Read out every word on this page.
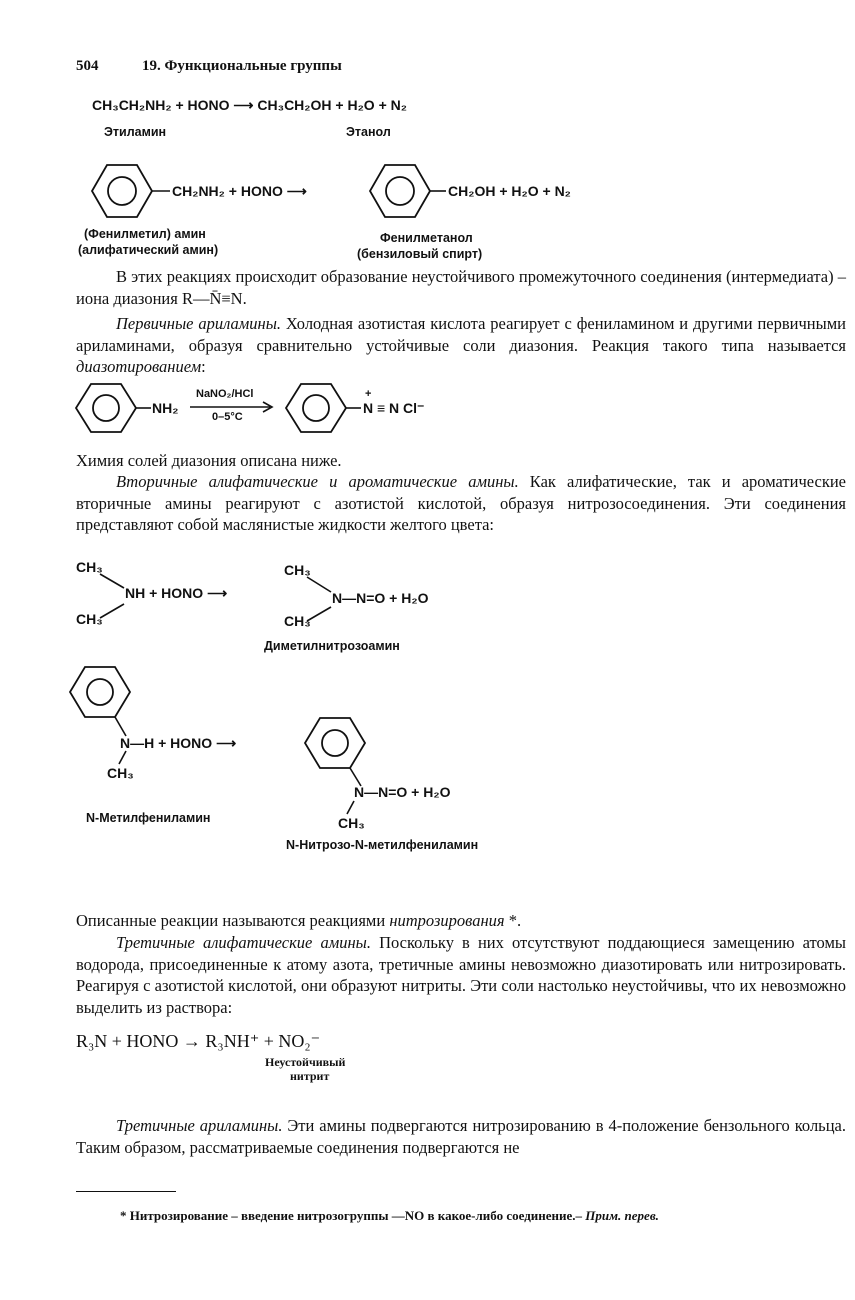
504	19. Функциональные группы
CH₃CH₂NH₂ + HONO ⟶ CH₃CH₂OH + H₂O + N₂
Этиламин	Этанол
CH₂NH₂ + HONO ⟶	CH₂OH + H₂O + N₂
(Фенилметил) амин
(алифатический амин)
Фенилметанол
(бензиловый спирт)
В этих реакциях происходит образование неустойчивого промежуточного соединения (интермедиата) – иона диазония R—N̄≡N.
Первичные ариламины. Холодная азотистая кислота реагирует с фениламином и другими первичными ариламинами, образуя сравнительно устойчивые соли диазония. Реакция такого типа называется диазотированием:
NH₂
NaNO₂/HCl
0–5°C
+
N ≡ N Cl⁻
Химия солей диазония описана ниже.
Вторичные алифатические и ароматические амины. Как алифатические, так и ароматические вторичные амины реагируют с азотистой кислотой, образуя нитрозосоединения. Эти соединения представляют собой маслянистые жидкости желтого цвета:
CH₃
CH₃
NH + HONO ⟶
CH₃
CH₃
N—N=O + H₂O
Диметилнитрозоамин
N—H + HONO ⟶
CH₃
N—N=O + H₂O
CH₃
N-Метилфениламин
N-Нитрозо-N-метилфениламин
Описанные реакции называются реакциями нитрозирования *.
Третичные алифатические амины. Поскольку в них отсутствуют поддающиеся замещению атомы водорода, присоединенные к атому азота, третичные амины невозможно диазотировать или нитрозировать. Реагируя с азотистой кислотой, они образуют нитриты. Эти соли настолько неустойчивы, что их невозможно выделить из раствора:
R₃N + HONO → R₃NH⁺ + NO₂⁻
Неустойчивый
нитрит
Третичные ариламины. Эти амины подвергаются нитрозированию в 4-положение бензольного кольца. Таким образом, рассматриваемые соединения подвергаются не
* Нитрозирование – введение нитрозогруппы —NO в какое-либо соединение.– Прим. перев.
